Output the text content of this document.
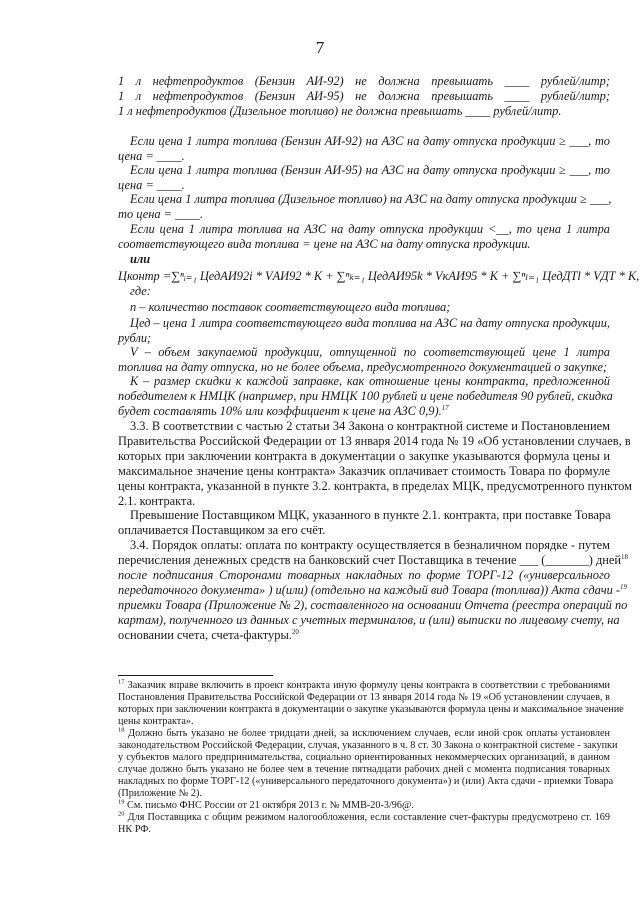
7
1 л нефтепродуктов (Бензин АИ-92) не должна превышать ____ рублей/литр;
1 л нефтепродуктов (Бензин АИ-95) не должна превышать ____ рублей/литр;
1 л нефтепродуктов (Дизельное топливо) не должна превышать ____ рублей/литр.
Если цена 1 литра топлива (Бензин АИ-92) на АЗС на дату отпуска продукции ≥ ___, то
цена = ____.
Если цена 1 литра топлива (Бензин АИ-95) на АЗС на дату отпуска продукции ≥ ___, то
цена = ____.
Если цена 1 литра топлива (Дизельное топливо) на АЗС на дату отпуска продукции ≥ ___,
то цена = ____.
Если цена 1 литра топлива на АЗС на дату отпуска продукции <__, то цена 1 литра
соответствующего вида топлива = цене на АЗС на дату отпуска продукции.
или
Цконтр =∑ⁿᵢ₌₁ ЦедАИ92i * VАИ92 * К + ∑ⁿₖ₌₁ ЦедАИ95k * VкАИ95 * К + ∑ⁿₗ₌₁ ЦедДТl * VДТ * К,
где:
n – количество поставок соответствующего вида топлива;
Цед – цена 1 литра соответствующего вида топлива на АЗС на дату отпуска продукции,
рубли;
V – объем закупаемой продукции, отпущенной по соответствующей цене 1 литра
топлива на дату отпуска, но не более объема, предусмотренного документацией о закупке;
К – размер скидки к каждой заправке, как отношение цены контракта, предложенной
победителем к НМЦК (например, при НМЦК 100 рублей и цене победителя 90 рублей, скидка
будет составлять 10% или коэффициент к цене на АЗС 0,9).$^{17}$
3.3. В соответствии с частью 2 статьи 34 Закона о контрактной системе и Постановлением
Правительства Российской Федерации от 13 января 2014 года № 19 «Об установлении случаев, в
которых при заключении контракта в документации о закупке указываются формула цены и
максимальное значение цены контракта» Заказчик оплачивает стоимость Товара по формуле
цены контракта, указанной в пункте 3.2. контракта, в пределах МЦК, предусмотренного пунктом
2.1. контракта.
Превышение Поставщиком МЦК, указанного в пункте 2.1. контракта, при поставке Товара
оплачивается Поставщиком за его счёт.
3.4. Порядок оплаты: оплата по контракту осуществляется в безналичном порядке - путем
перечисления денежных средств на банковский счет Поставщика в течение ___ (_______) дней$^{18}$
после подписания Сторонами товарных накладных по форме ТОРГ-12 («универсального
передаточного документа» ) и(или) (отдельно на каждый вид Товара (топлива)) Акта сдачи -$^{19}$
приемки Товара (Приложение № 2), составленного на основании Отчета (реестра операций по
картам), полученного из данных с учетных терминалов, и (или) выписки по лицевому счету, на
основании счета, счета-фактуры.$^{20}$
$^{17}$ Заказчик вправе включить в проект контракта иную формулу цены контракта в соответствии с требованиями
Постановления Правительства Российской Федерации от 13 января 2014 года № 19 «Об установлении случаев, в
которых при заключении контракта в документации о закупке указываются формула цены и максимальное значение
цены контракта».
$^{18}$ Должно быть указано не более тридцати дней, за исключением случаев, если иной срок оплаты установлен
законодательством Российской Федерации, случая, указанного в ч. 8 ст. 30 Закона о контрактной системе - закупки
у субъектов малого предпринимательства, социально ориентированных некоммерческих организаций, в данном
случае должно быть указано не более чем в течение пятнадцати рабочих дней с момента подписания товарных
накладных по форме ТОРГ-12 («универсального передаточного документа») и (или) Акта сдачи - приемки Товара
(Приложение № 2).
$^{19}$ См. письмо ФНС России от 21 октября 2013 г. № ММВ-20-3/96@.
$^{20}$ Для Поставщика с общим режимом налогообложения, если составление счет-фактуры предусмотрено ст. 169
НК РФ.
